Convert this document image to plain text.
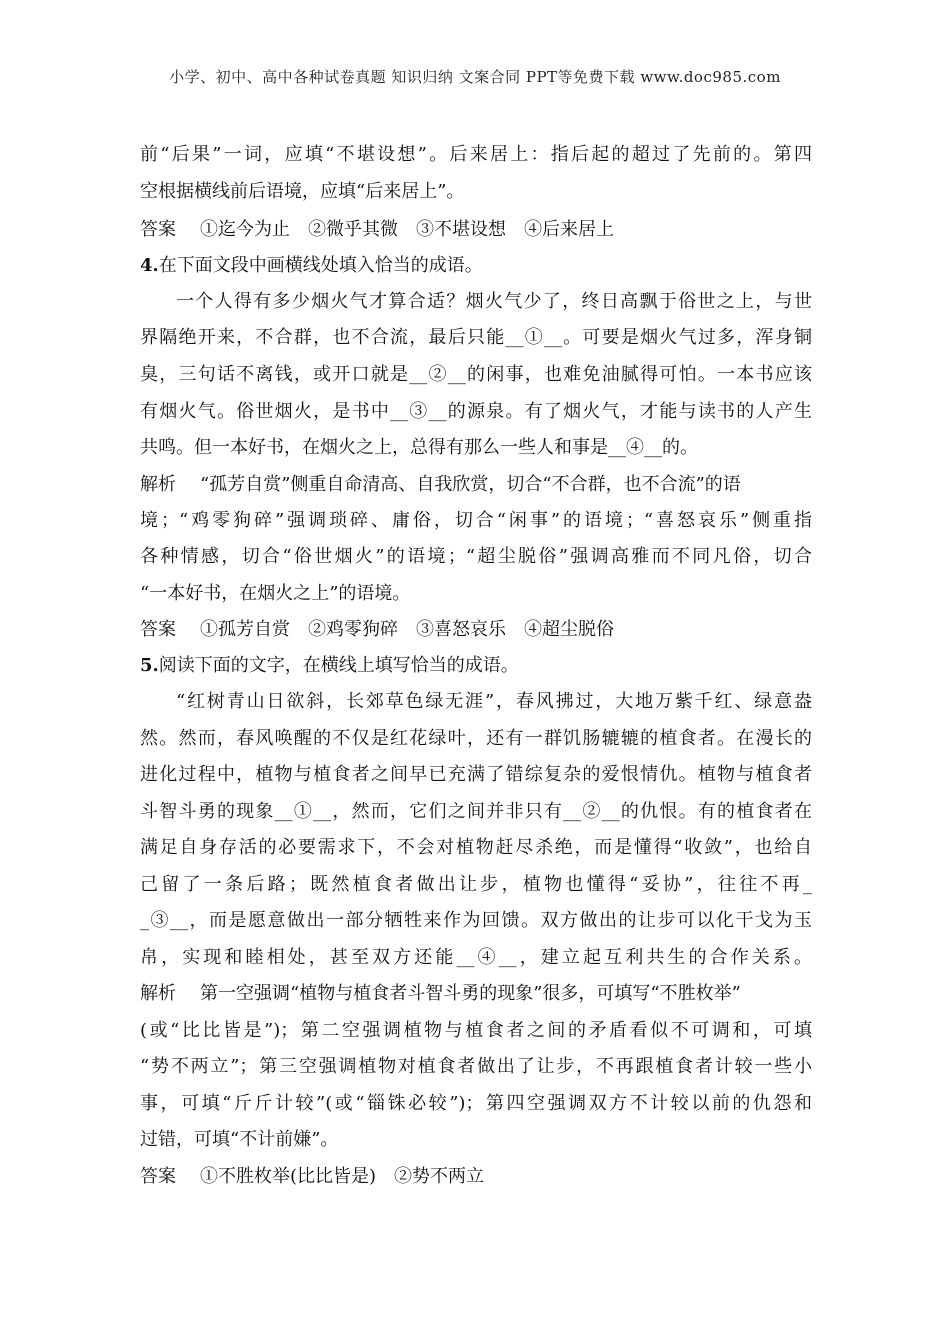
小学、初中、高中各种试卷真题 知识归纳 文案合同 PPT等免费下载 www.doc985.com
前“后果”一词，应填“不堪设想”。后来居上：指后起的超过了先前的。第四
空根据横线前后语境，应填“后来居上”。
答案 ①迄今为止　②微乎其微　③不堪设想　④后来居上
4.在下面文段中画横线处填入恰当的成语。
一个人得有多少烟火气才算合适？烟火气少了，终日高飘于俗世之上，与世
界隔绝开来，不合群，也不合流，最后只能__①__。可要是烟火气过多，浑身铜
臭，三句话不离钱，或开口就是__②__的闲事，也难免油腻得可怕。一本书应该
有烟火气。俗世烟火，是书中__③__的源泉。有了烟火气，才能与读书的人产生
共鸣。但一本好书，在烟火之上，总得有那么一些人和事是__④__的。
解析 “孤芳自赏”侧重自命清高、自我欣赏，切合“不合群，也不合流”的语
境；“鸡零狗碎”强调琐碎、庸俗，切合“闲事”的语境；“喜怒哀乐”侧重指
各种情感，切合“俗世烟火”的语境；“超尘脱俗”强调高雅而不同凡俗，切合
“一本好书，在烟火之上”的语境。
答案 ①孤芳自赏　②鸡零狗碎　③喜怒哀乐　④超尘脱俗
5.阅读下面的文字，在横线上填写恰当的成语。
“红树青山日欲斜，长郊草色绿无涯”，春风拂过，大地万紫千红、绿意盎
然。然而，春风唤醒的不仅是红花绿叶，还有一群饥肠辘辘的植食者。在漫长的
进化过程中，植物与植食者之间早已充满了错综复杂的爱恨情仇。植物与植食者
斗智斗勇的现象__①__，然而，它们之间并非只有__②__的仇恨。有的植食者在
满足自身存活的必要需求下，不会对植物赶尽杀绝，而是懂得“收敛”，也给自
己留了一条后路；既然植食者做出让步，植物也懂得“妥协”，往往不再_
_③__，而是愿意做出一部分牺牲来作为回馈。双方做出的让步可以化干戈为玉
帛，实现和睦相处，甚至双方还能__④__，建立起互利共生的合作关系。
解析 第一空强调“植物与植食者斗智斗勇的现象”很多，可填写“不胜枚举”
(或“比比皆是”)；第二空强调植物与植食者之间的矛盾看似不可调和，可填
“势不两立”；第三空强调植物对植食者做出了让步，不再跟植食者计较一些小
事，可填“斤斤计较”(或“锱铢必较”)；第四空强调双方不计较以前的仇怨和
过错，可填“不计前嫌”。
答案 ①不胜枚举(比比皆是)　②势不两立
